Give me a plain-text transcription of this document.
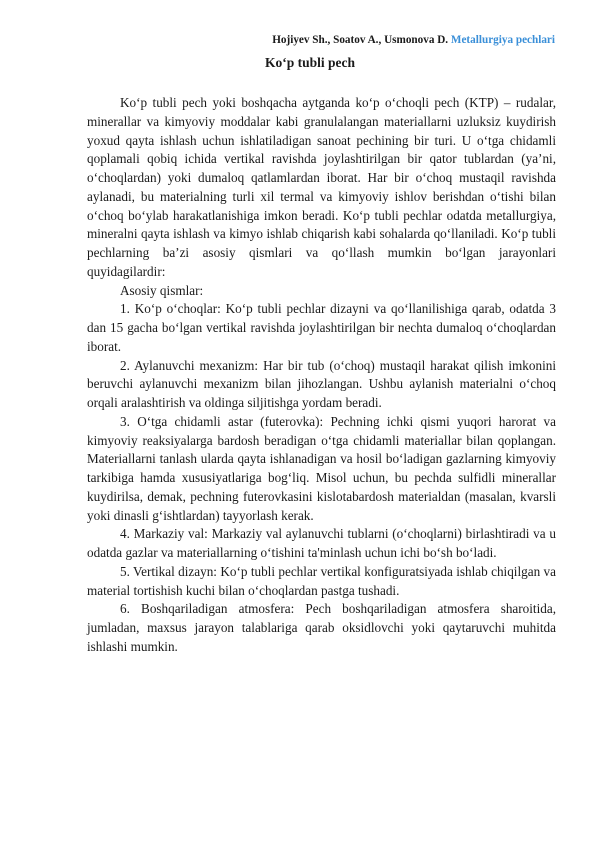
Hojiyev Sh., Soatov A., Usmonova D. Metallurgiya pechlari
Ko‘p tubli pech

Ko‘p tubli pech yoki boshqacha aytganda ko‘p o‘choqli pech (KTP) – rudalar, minerallar va kimyoviy moddalar kabi granulalangan materiallarni uzluksiz kuydirish yoxud qayta ishlash uchun ishlatiladigan sanoat pechining bir turi. U o‘tga chidamli qoplamali qobiq ichida vertikal ravishda joylashtirilgan bir qator tublardan (ya’ni, o‘choqlardan) yoki dumaloq qatlamlardan iborat. Har bir o‘choq mustaqil ravishda aylanadi, bu materialning turli xil termal va kimyoviy ishlov berishdan o‘tishi bilan o‘choq bo‘ylab harakatlanishiga imkon beradi. Ko‘p tubli pechlar odatda metallurgiya, mineralni qayta ishlash va kimyo ishlab chiqarish kabi sohalarda qo‘llaniladi. Ko‘p tubli pechlarning ba’zi asosiy qismlari va qo‘llash mumkin bo‘lgan jarayonlari quyidagilardir:

Asosiy qismlar:

1. Ko‘p o‘choqlar: Ko‘p tubli pechlar dizayni va qo‘llanilishiga qarab, odatda 3 dan 15 gacha bo‘lgan vertikal ravishda joylashtirilgan bir nechta dumaloq o‘choqlardan iborat.

2. Aylanuvchi mexanizm: Har bir tub (o‘choq) mustaqil harakat qilish imkonini beruvchi aylanuvchi mexanizm bilan jihozlangan. Ushbu aylanish materialni o‘choq orqali aralashtirish va oldinga siljitishga yordam beradi.

3. O‘tga chidamli astar (futerovka): Pechning ichki qismi yuqori harorat va kimyoviy reaksiyalarga bardosh beradigan o‘tga chidamli materiallar bilan qoplangan. Materiallarni tanlash ularda qayta ishlanadigan va hosil bo‘ladigan gazlarning kimyoviy tarkibiga hamda xususiyatlariga bog‘liq. Misol uchun, bu pechda sulfidli minerallar kuydirilsa, demak, pechning futerovkasini kislotabardosh materialdan (masalan, kvarsli yoki dinasli g‘ishtlardan) tayyorlash kerak.

4. Markaziy val: Markaziy val aylanuvchi tublarni (o‘choqlarni) birlashtiradi va u odatda gazlar va materiallarning o‘tishini ta'minlash uchun ichi bo‘sh bo‘ladi.

5. Vertikal dizayn: Ko‘p tubli pechlar vertikal konfiguratsiyada ishlab chiqilgan va material tortishish kuchi bilan o‘choqlardan pastga tushadi.

6. Boshqariladigan atmosfera: Pech boshqariladigan atmosfera sharoitida, jumladan, maxsus jarayon talablariga qarab oksidlovchi yoki qaytaruvchi muhitda ishlashi mumkin.
